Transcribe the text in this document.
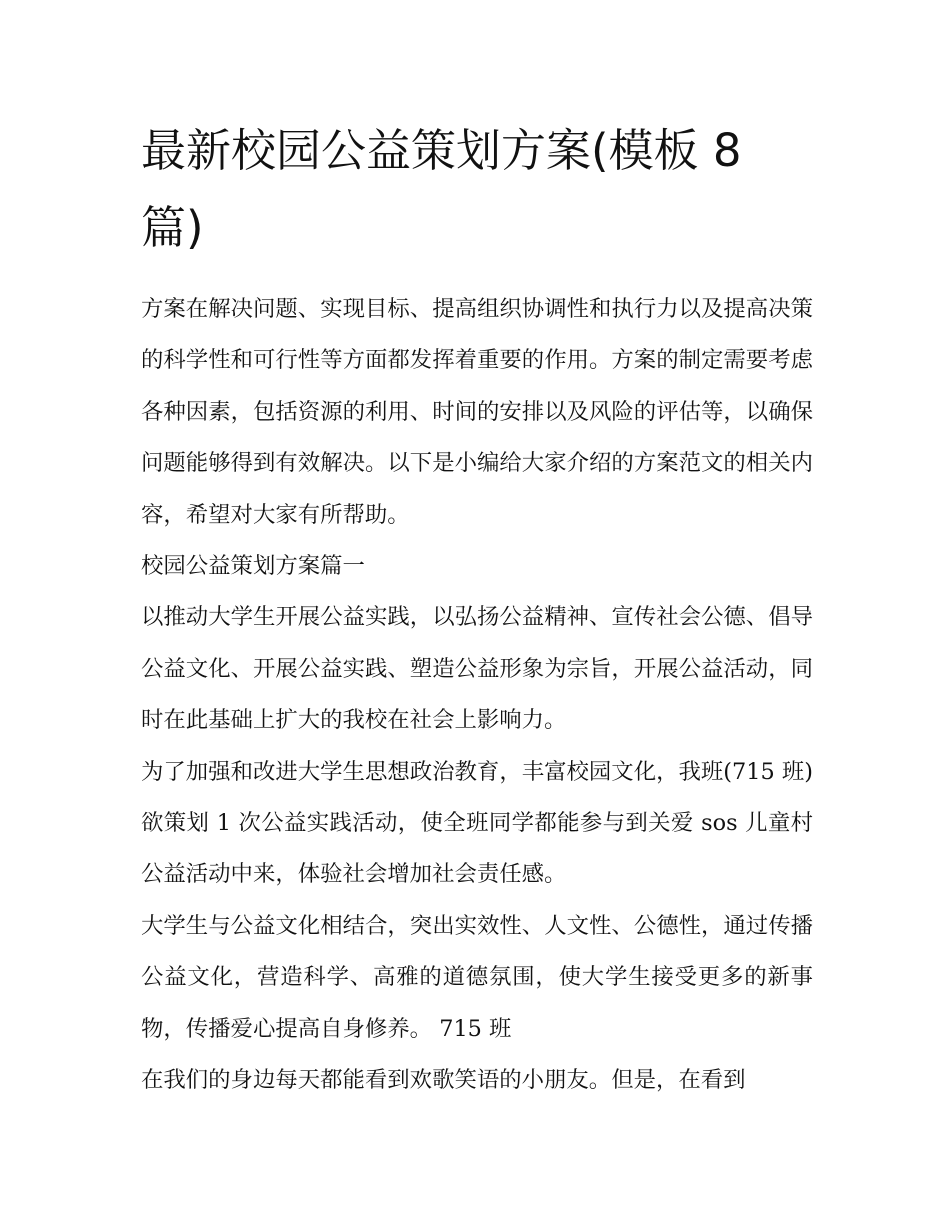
最新校园公益策划方案(模板 8 篇)

方案在解决问题、实现目标、提高组织协调性和执行力以及提高决策的科学性和可行性等方面都发挥着重要的作用。方案的制定需要考虑各种因素，包括资源的利用、时间的安排以及风险的评估等，以确保问题能够得到有效解决。以下是小编给大家介绍的方案范文的相关内容，希望对大家有所帮助。

校园公益策划方案篇一

以推动大学生开展公益实践，以弘扬公益精神、宣传社会公德、倡导公益文化、开展公益实践、塑造公益形象为宗旨，开展公益活动，同时在此基础上扩大的我校在社会上影响力。

为了加强和改进大学生思想政治教育，丰富校园文化，我班(715 班)欲策划 1 次公益实践活动，使全班同学都能参与到关爱 sos 儿童村公益活动中来，体验社会增加社会责任感。

大学生与公益文化相结合，突出实效性、人文性、公德性，通过传播公益文化，营造科学、高雅的道德氛围，使大学生接受更多的新事物，传播爱心提高自身修养。 715 班

在我们的身边每天都能看到欢歌笑语的小朋友。但是，在看到
